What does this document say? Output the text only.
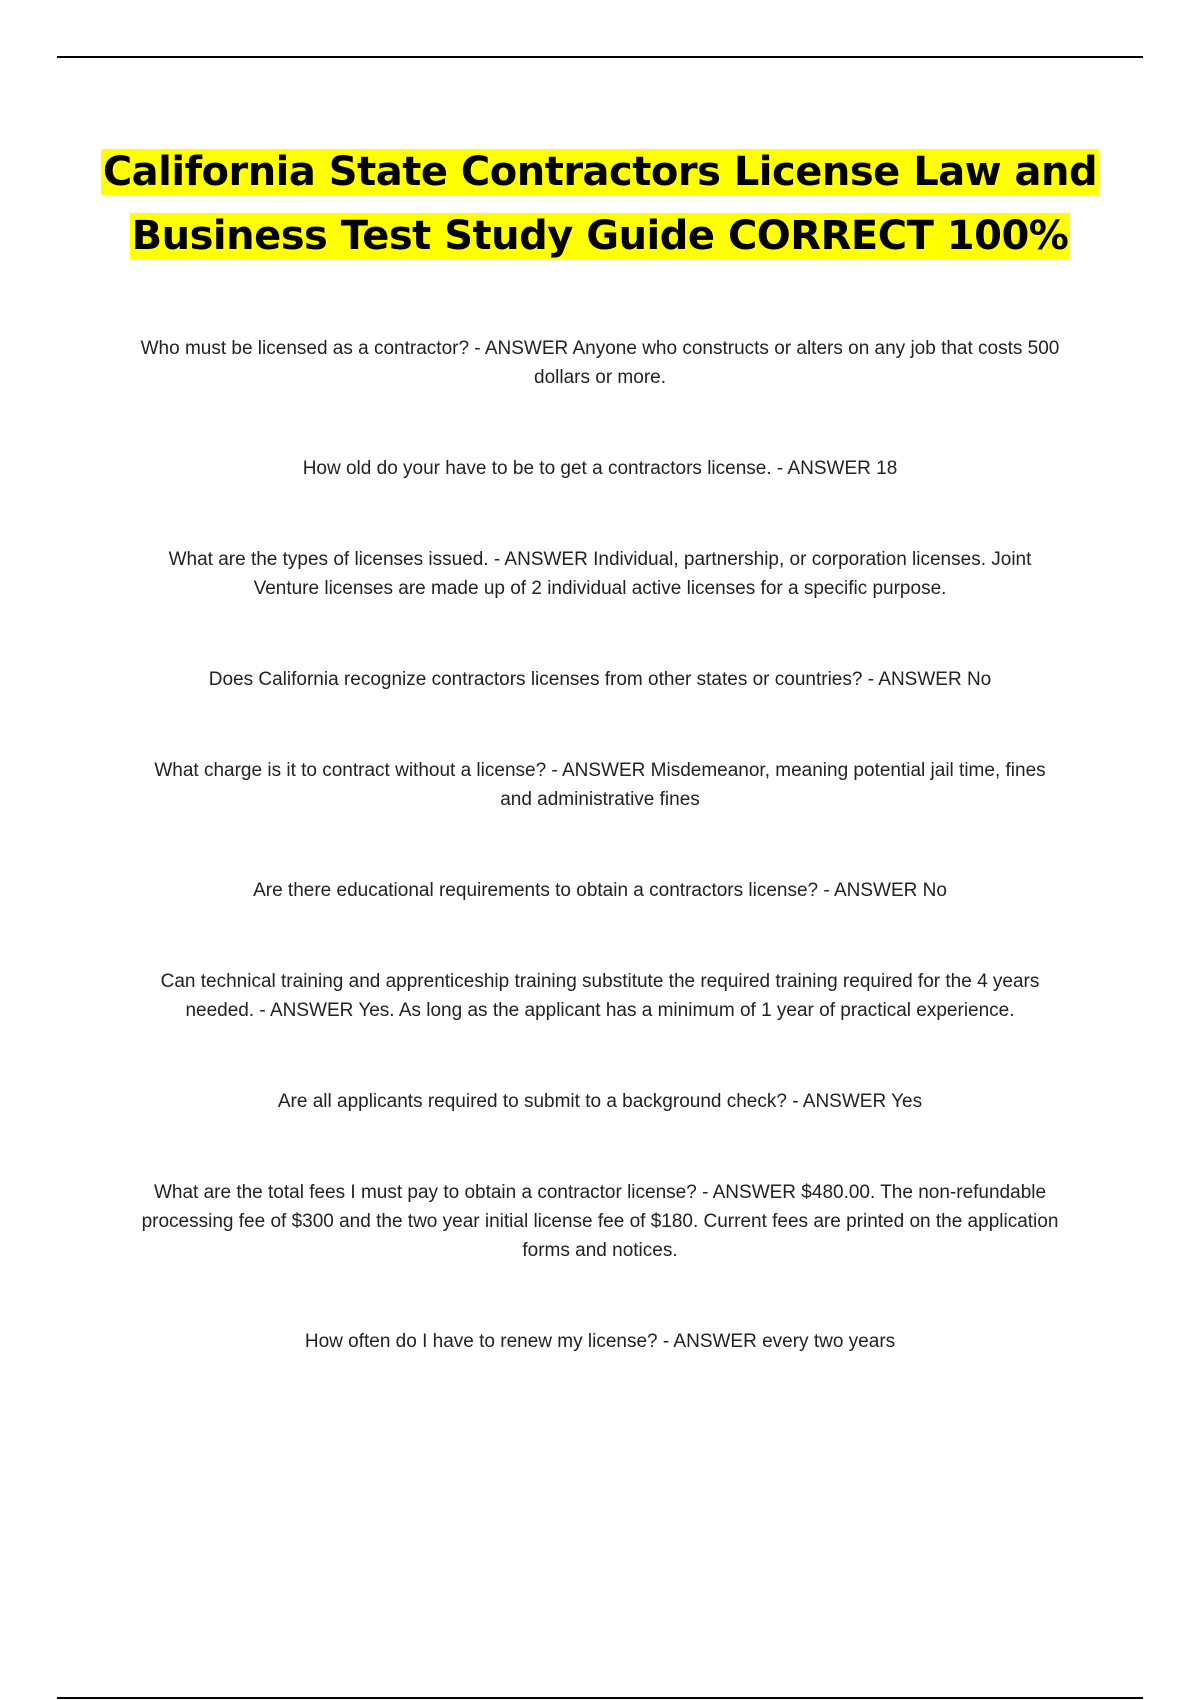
California State Contractors License Law and
Business Test Study Guide CORRECT 100%
Who must be licensed as a contractor? - ANSWER Anyone who constructs or alters on any job that costs 500 dollars or more.
How old do your have to be to get a contractors license. - ANSWER 18
What are the types of licenses issued. - ANSWER Individual, partnership, or corporation licenses. Joint Venture licenses are made up of 2 individual active licenses for a specific purpose.
Does California recognize contractors licenses from other states or countries? - ANSWER No
What charge is it to contract without a license? - ANSWER Misdemeanor, meaning potential jail time, fines and administrative fines
Are there educational requirements to obtain a contractors license? - ANSWER No
Can technical training and apprenticeship training substitute the required training required for the 4 years needed. - ANSWER Yes. As long as the applicant has a minimum of 1 year of practical experience.
Are all applicants required to submit to a background check? - ANSWER Yes
What are the total fees I must pay to obtain a contractor license? - ANSWER $480.00. The non-refundable processing fee of $300 and the two year initial license fee of $180. Current fees are printed on the application forms and notices.
How often do I have to renew my license? - ANSWER every two years
